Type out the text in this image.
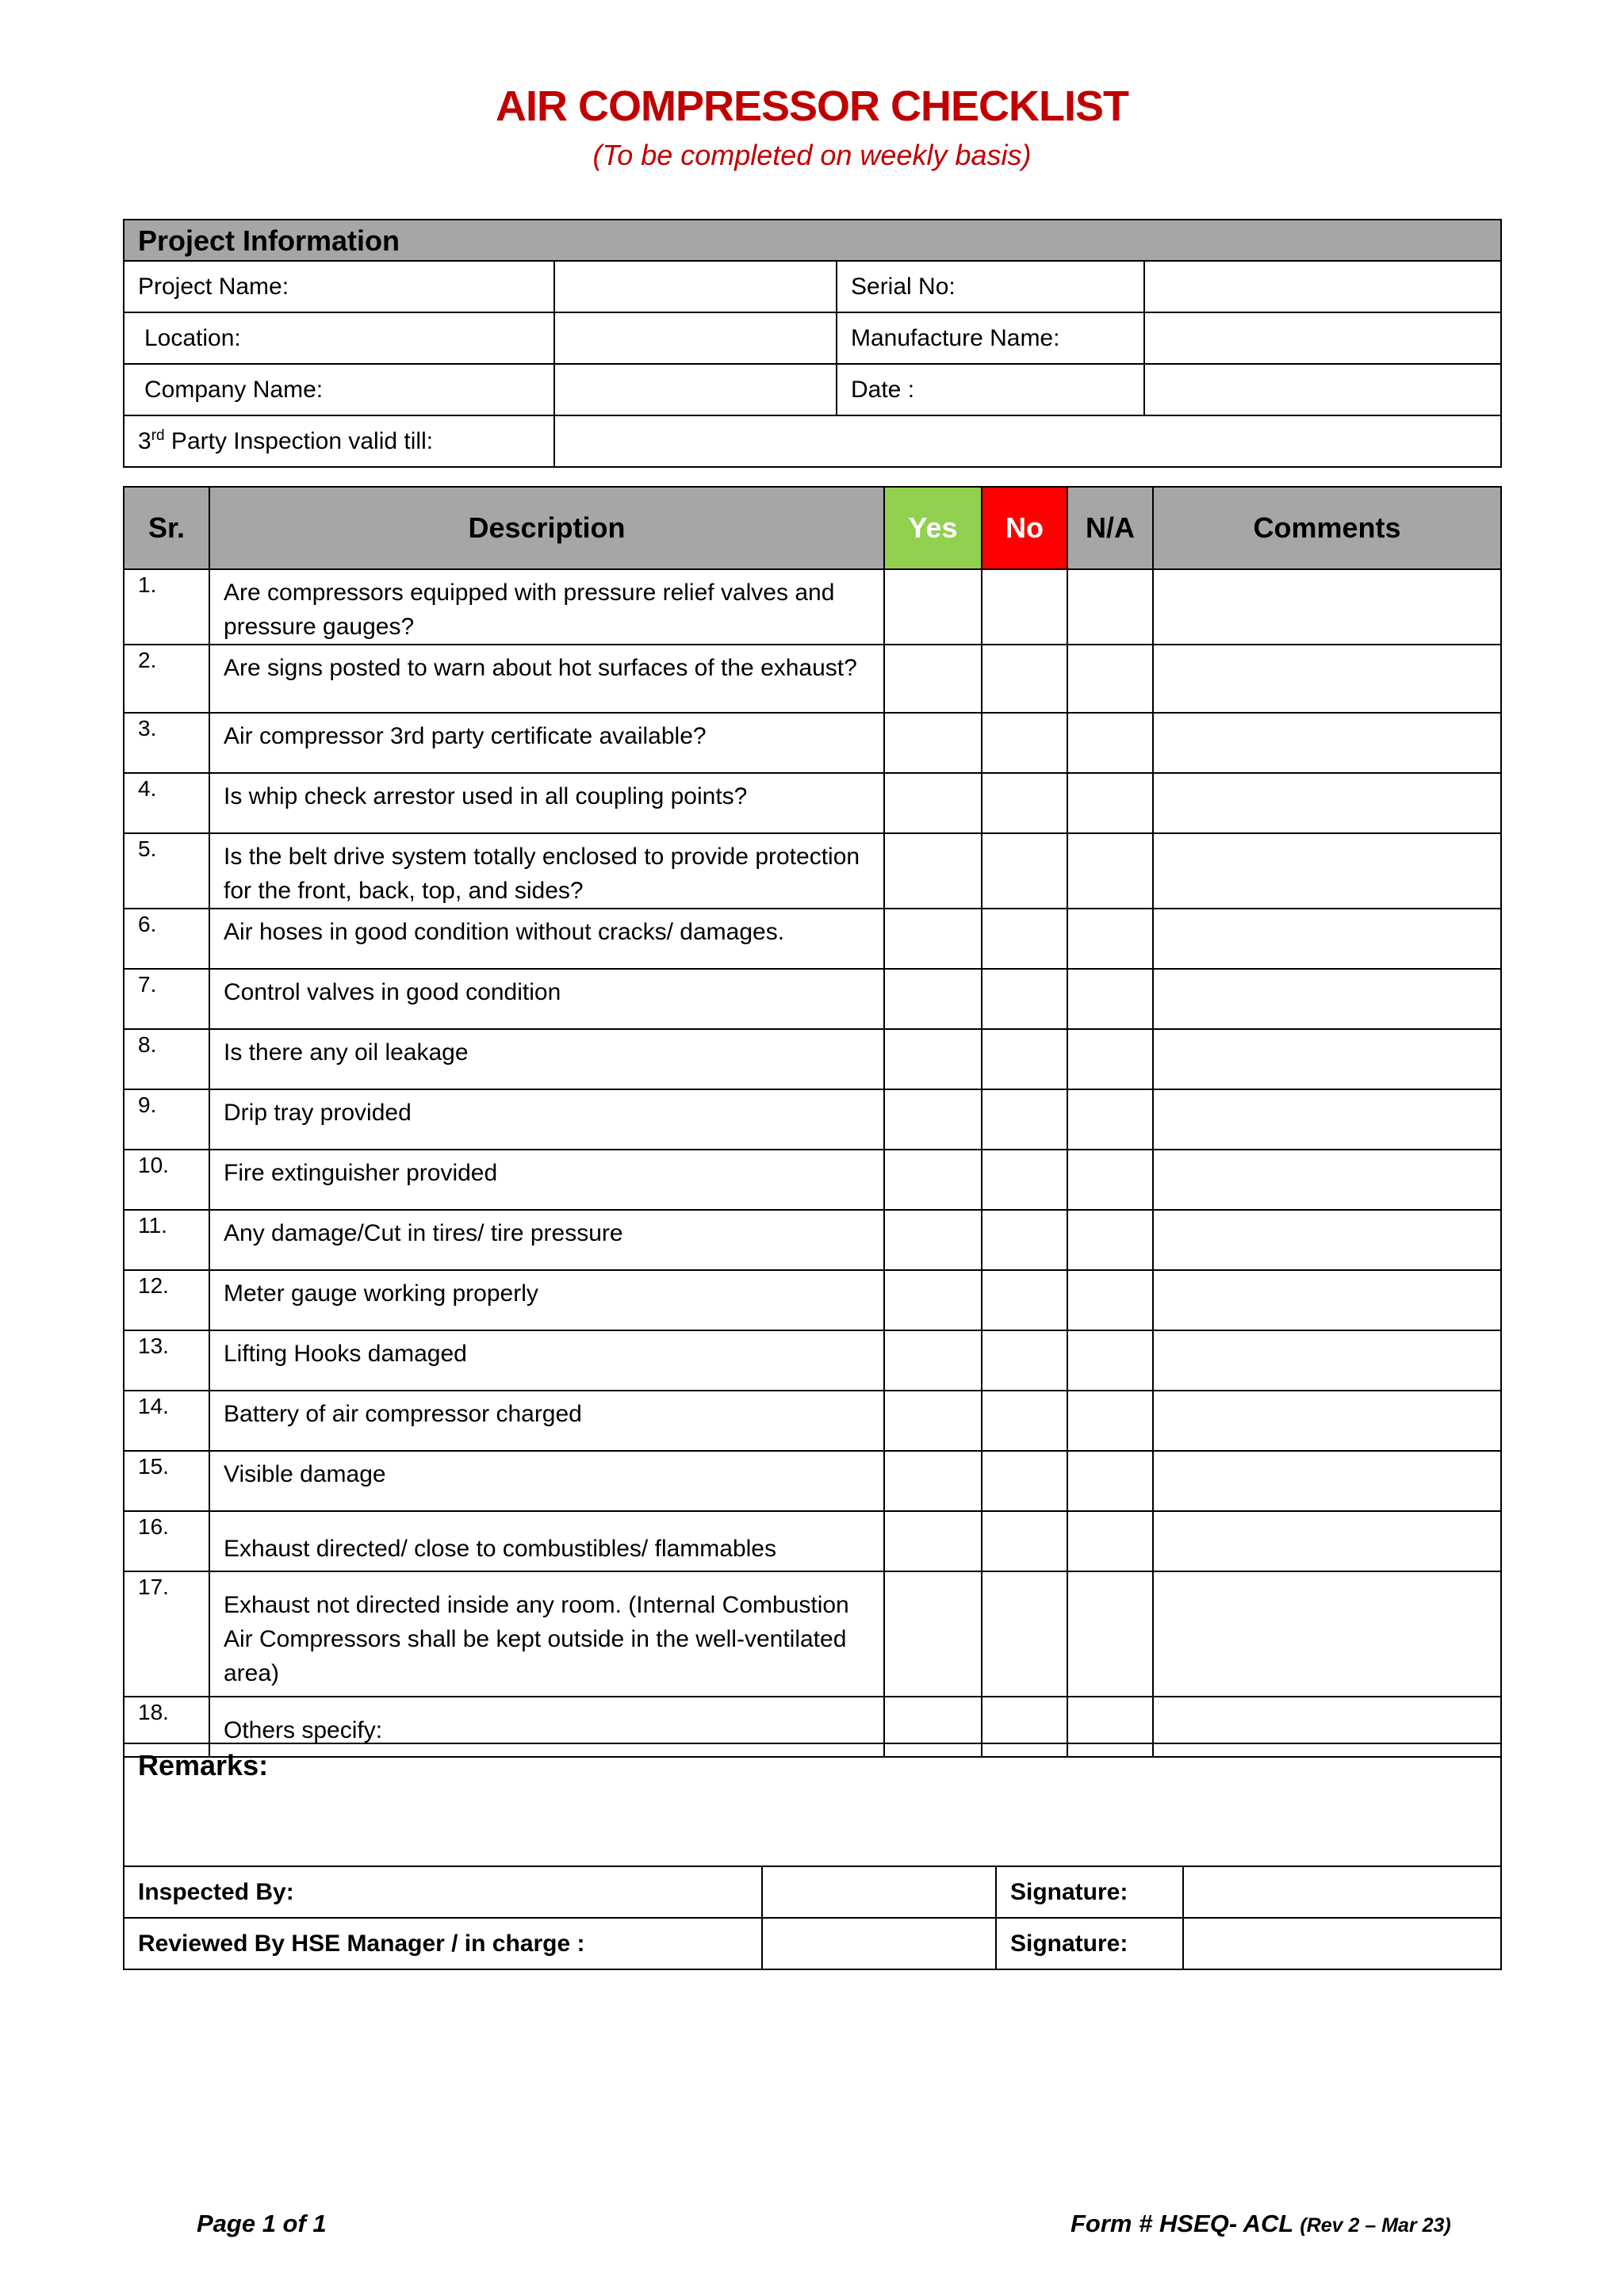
AIR COMPRESSOR CHECKLIST
(To be completed on weekly basis)
Project Information			
Project Name:		Serial No:	
Location:		Manufacture Name:	
Company Name:		Date :	
3rd Party Inspection valid till:			
Sr.	Description	Yes	No	N/A	Comments
1.	Are compressors equipped with pressure relief valves and pressure gauges?				
2.	Are signs posted to warn about hot surfaces of the exhaust?				
3.	Air compressor 3rd party certificate available?				
4.	Is whip check arrestor used in all coupling points?				
5.	Is the belt drive system totally enclosed to provide protection for the front, back, top, and sides?				
6.	Air hoses in good condition without cracks/ damages.				
7.	Control valves in good condition				
8.	Is there any oil leakage				
9.	Drip tray provided				
10.	Fire extinguisher provided				
11.	Any damage/Cut in tires/ tire pressure				
12.	Meter gauge working properly				
13.	Lifting Hooks damaged				
14.	Battery of air compressor charged				
15.	Visible damage				
16.	Exhaust directed/ close to combustibles/ flammables				
17.	Exhaust not directed inside any room. (Internal Combustion Air Compressors shall be kept outside in the well-ventilated area)				
18.	Others specify:				
Remarks:			
Inspected By:		Signature:	
Reviewed By HSE Manager / in charge :		Signature:	
Page 1 of 1	Form # HSEQ- ACL (Rev 2 – Mar 23)
